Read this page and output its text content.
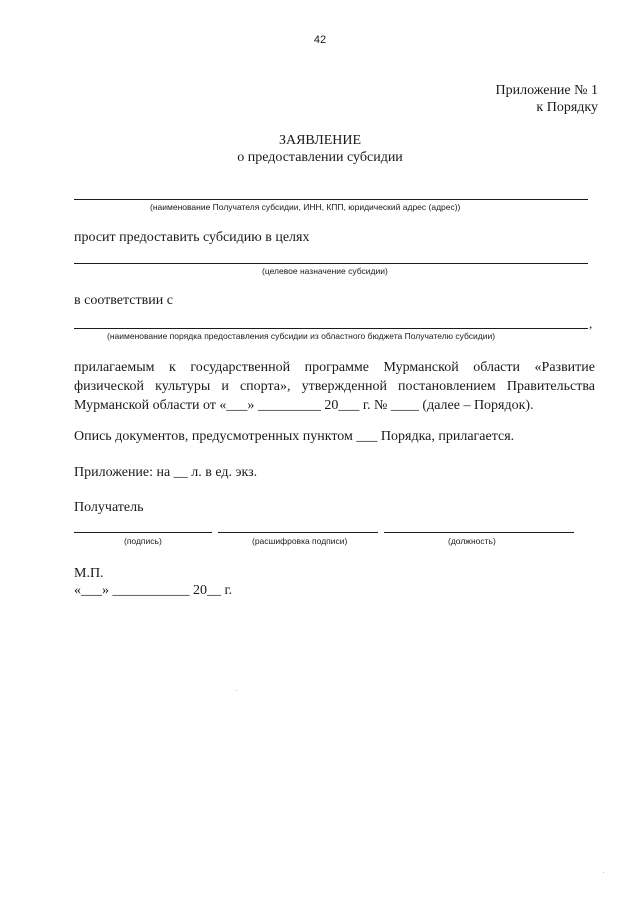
42
Приложение № 1
к Порядку
ЗАЯВЛЕНИЕ
о предоставлении субсидии
(наименование Получателя субсидии, ИНН, КПП, юридический адрес (адрес))
просит предоставить субсидию в целях
(целевое назначение субсидии)
в соответствии с
,
(наименование порядка предоставления субсидии из областного бюджета Получателю субсидии)
прилагаемым к государственной программе Мурманской области «Развитие
физической культуры и спорта», утвержденной постановлением Правительства
Мурманской области от «___» _________ 20___ г. № ____ (далее – Порядок).
Опись документов, предусмотренных пунктом ___ Порядка, прилагается.
Приложение: на __ л. в ед. экз.
Получатель
(подпись)	(расшифровка подписи)	(должность)
М.П.
«___» ___________ 20__ г.
